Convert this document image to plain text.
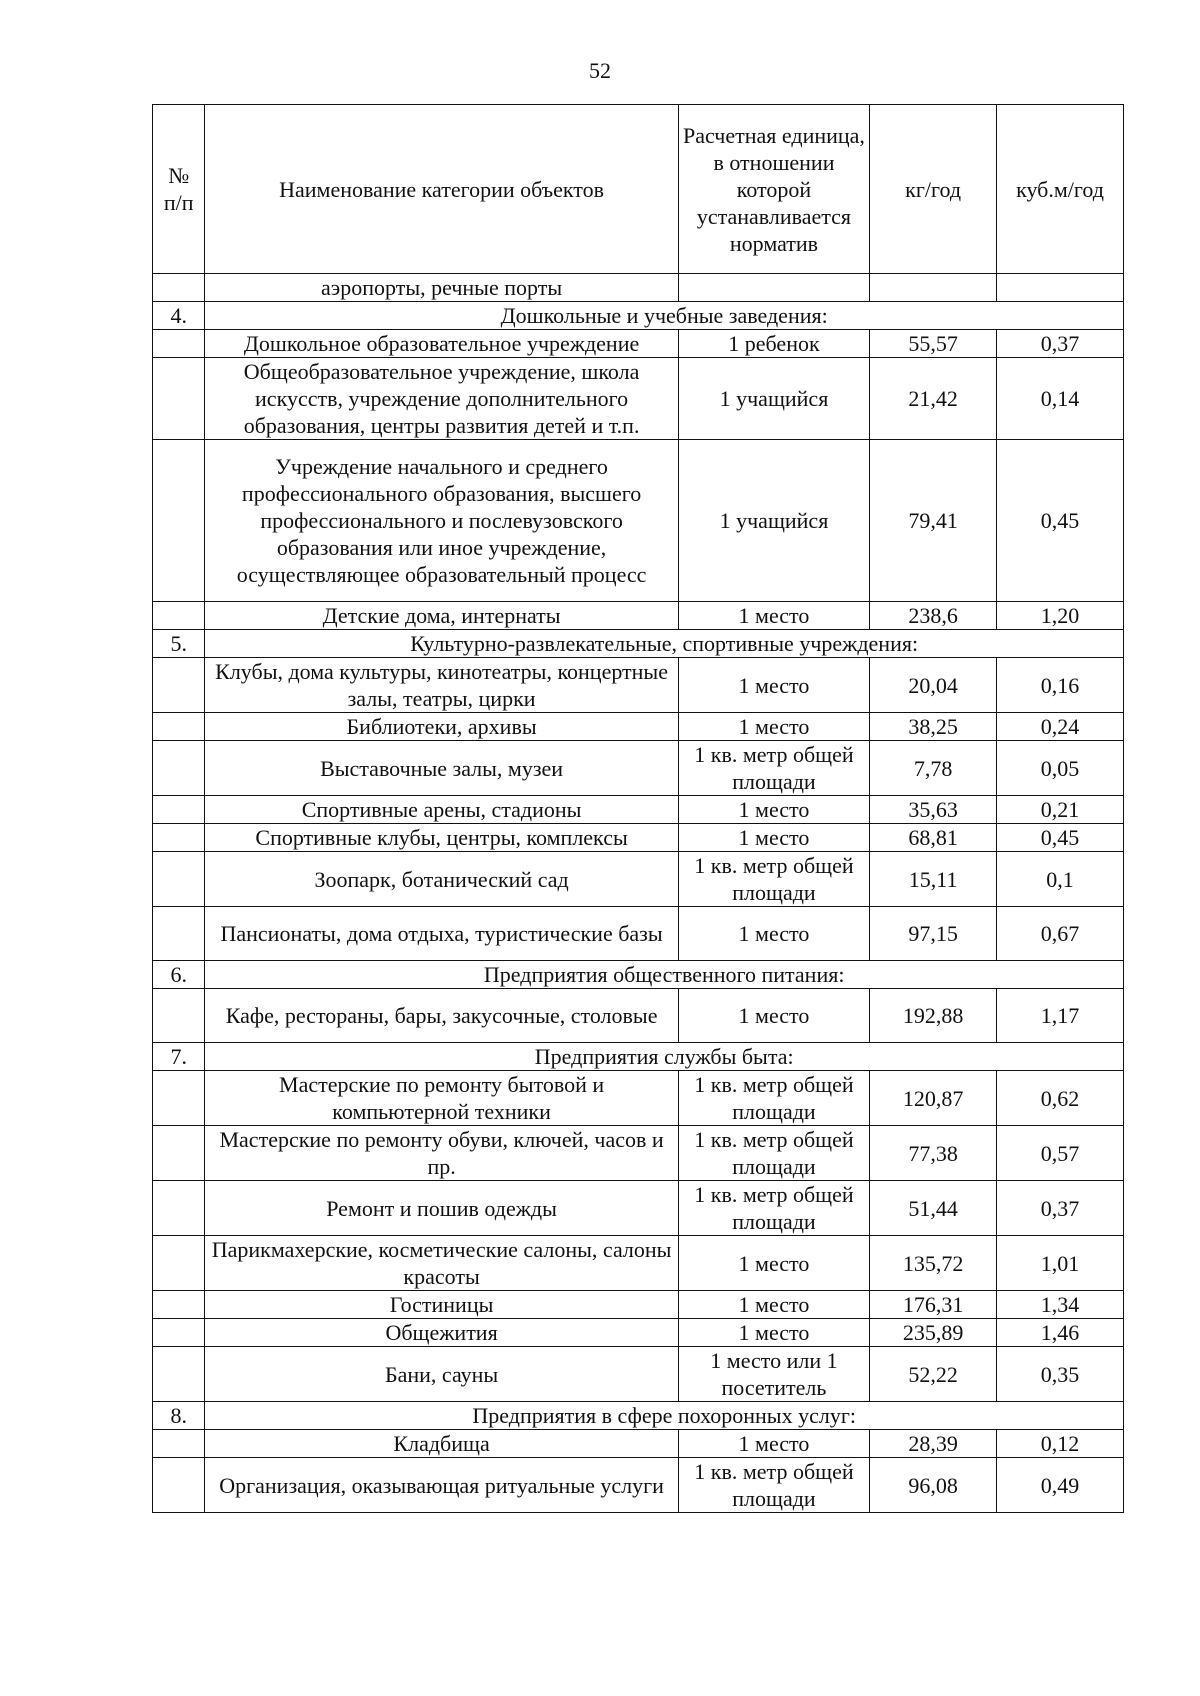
52
№ п/п	Наименование категории объектов	Расчетная единица, в отношении которой устанавливается норматив	кг/год	куб.м/год
	аэропорты, речные порты			
4.	Дошкольные и учебные заведения:			
	Дошкольное образовательное учреждение	1 ребенок	55,57	0,37
	Общеобразовательное учреждение, школа искусств, учреждение дополнительного образования, центры развития детей и т.п.	1 учащийся	21,42	0,14
	Учреждение начального и среднего профессионального образования, высшего профессионального и послевузовского образования или иное учреждение, осуществляющее образовательный процесс	1 учащийся	79,41	0,45
	Детские дома, интернаты	1 место	238,6	1,20
5.	Культурно-развлекательные, спортивные учреждения:			
	Клубы, дома культуры, кинотеатры, концертные залы, театры, цирки	1 место	20,04	0,16
	Библиотеки, архивы	1 место	38,25	0,24
	Выставочные залы, музеи	1 кв. метр общей площади	7,78	0,05
	Спортивные арены, стадионы	1 место	35,63	0,21
	Спортивные клубы, центры, комплексы	1 место	68,81	0,45
	Зоопарк, ботанический сад	1 кв. метр общей площади	15,11	0,1
	Пансионаты, дома отдыха, туристические базы	1 место	97,15	0,67
6.	Предприятия общественного питания:			
	Кафе, рестораны, бары, закусочные, столовые	1 место	192,88	1,17
7.	Предприятия службы быта:			
	Мастерские по ремонту бытовой и компьютерной техники	1 кв. метр общей площади	120,87	0,62
	Мастерские по ремонту обуви, ключей, часов и пр.	1 кв. метр общей площади	77,38	0,57
	Ремонт и пошив одежды	1 кв. метр общей площади	51,44	0,37
	Парикмахерские, косметические салоны, салоны красоты	1 место	135,72	1,01
	Гостиницы	1 место	176,31	1,34
	Общежития	1 место	235,89	1,46
	Бани, сауны	1 место или 1 посетитель	52,22	0,35
8.	Предприятия в сфере похоронных услуг:			
	Кладбища	1 место	28,39	0,12
	Организация, оказывающая ритуальные услуги	1 кв. метр общей площади	96,08	0,49
